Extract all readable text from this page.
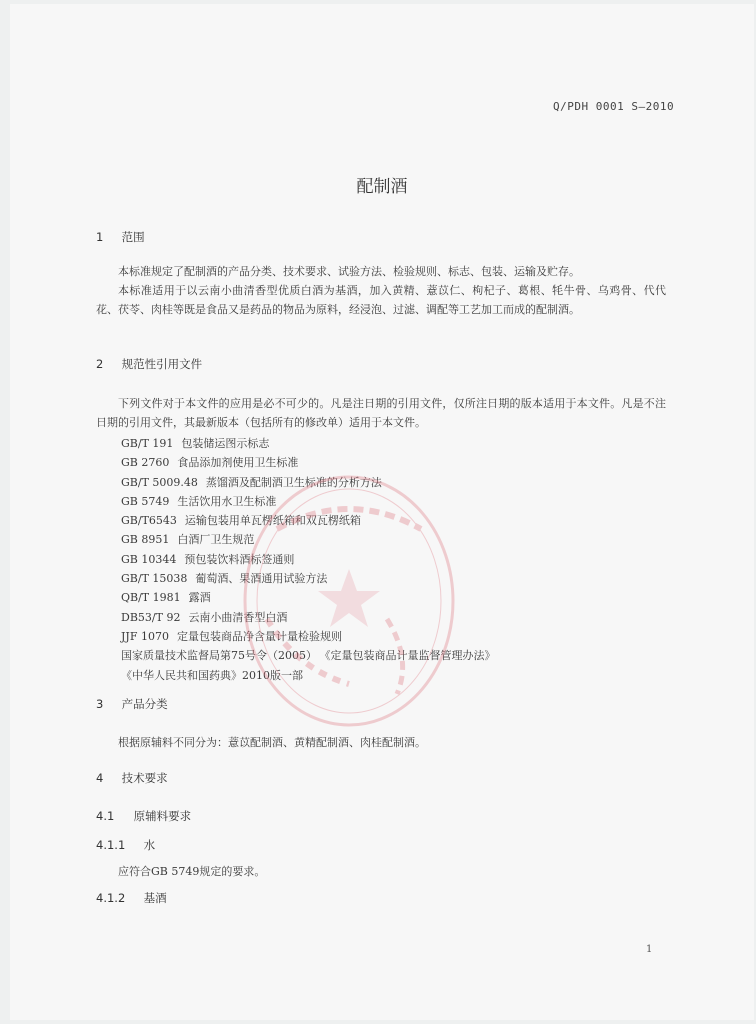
Q/PDH 0001 S—2010
配制酒
1 范围
本标准规定了配制酒的产品分类、技术要求、试验方法、检验规则、标志、包装、运输及贮存。
本标准适用于以云南小曲清香型优质白酒为基酒，加入黄精、薏苡仁、枸杞子、葛根、牦牛骨、乌鸡骨、代代花、茯苓、肉桂等既是食品又是药品的物品为原料，经浸泡、过滤、调配等工艺加工而成的配制酒。
2 规范性引用文件
下列文件对于本文件的应用是必不可少的。凡是注日期的引用文件，仅所注日期的版本适用于本文件。凡是不注日期的引用文件，其最新版本（包括所有的修改单）适用于本文件。
GB/T 191 包装储运图示标志
GB 2760 食品添加剂使用卫生标准
GB/T 5009.48 蒸馏酒及配制酒卫生标准的分析方法
GB 5749 生活饮用水卫生标准
GB/T6543 运输包装用单瓦楞纸箱和双瓦楞纸箱
GB 8951 白酒厂卫生规范
GB 10344 预包装饮料酒标签通则
GB/T 15038 葡萄酒、果酒通用试验方法
QB/T 1981 露酒
DB53/T 92 云南小曲清香型白酒
JJF 1070 定量包装商品净含量计量检验规则
国家质量技术监督局第75号令（2005） 《定量包装商品计量监督管理办法》
《中华人民共和国药典》2010版一部
3 产品分类
根据原辅料不同分为：薏苡配制酒、黄精配制酒、肉桂配制酒。
4 技术要求
4.1 原辅料要求
4.1.1 水
应符合GB 5749规定的要求。
4.1.2 基酒
1
